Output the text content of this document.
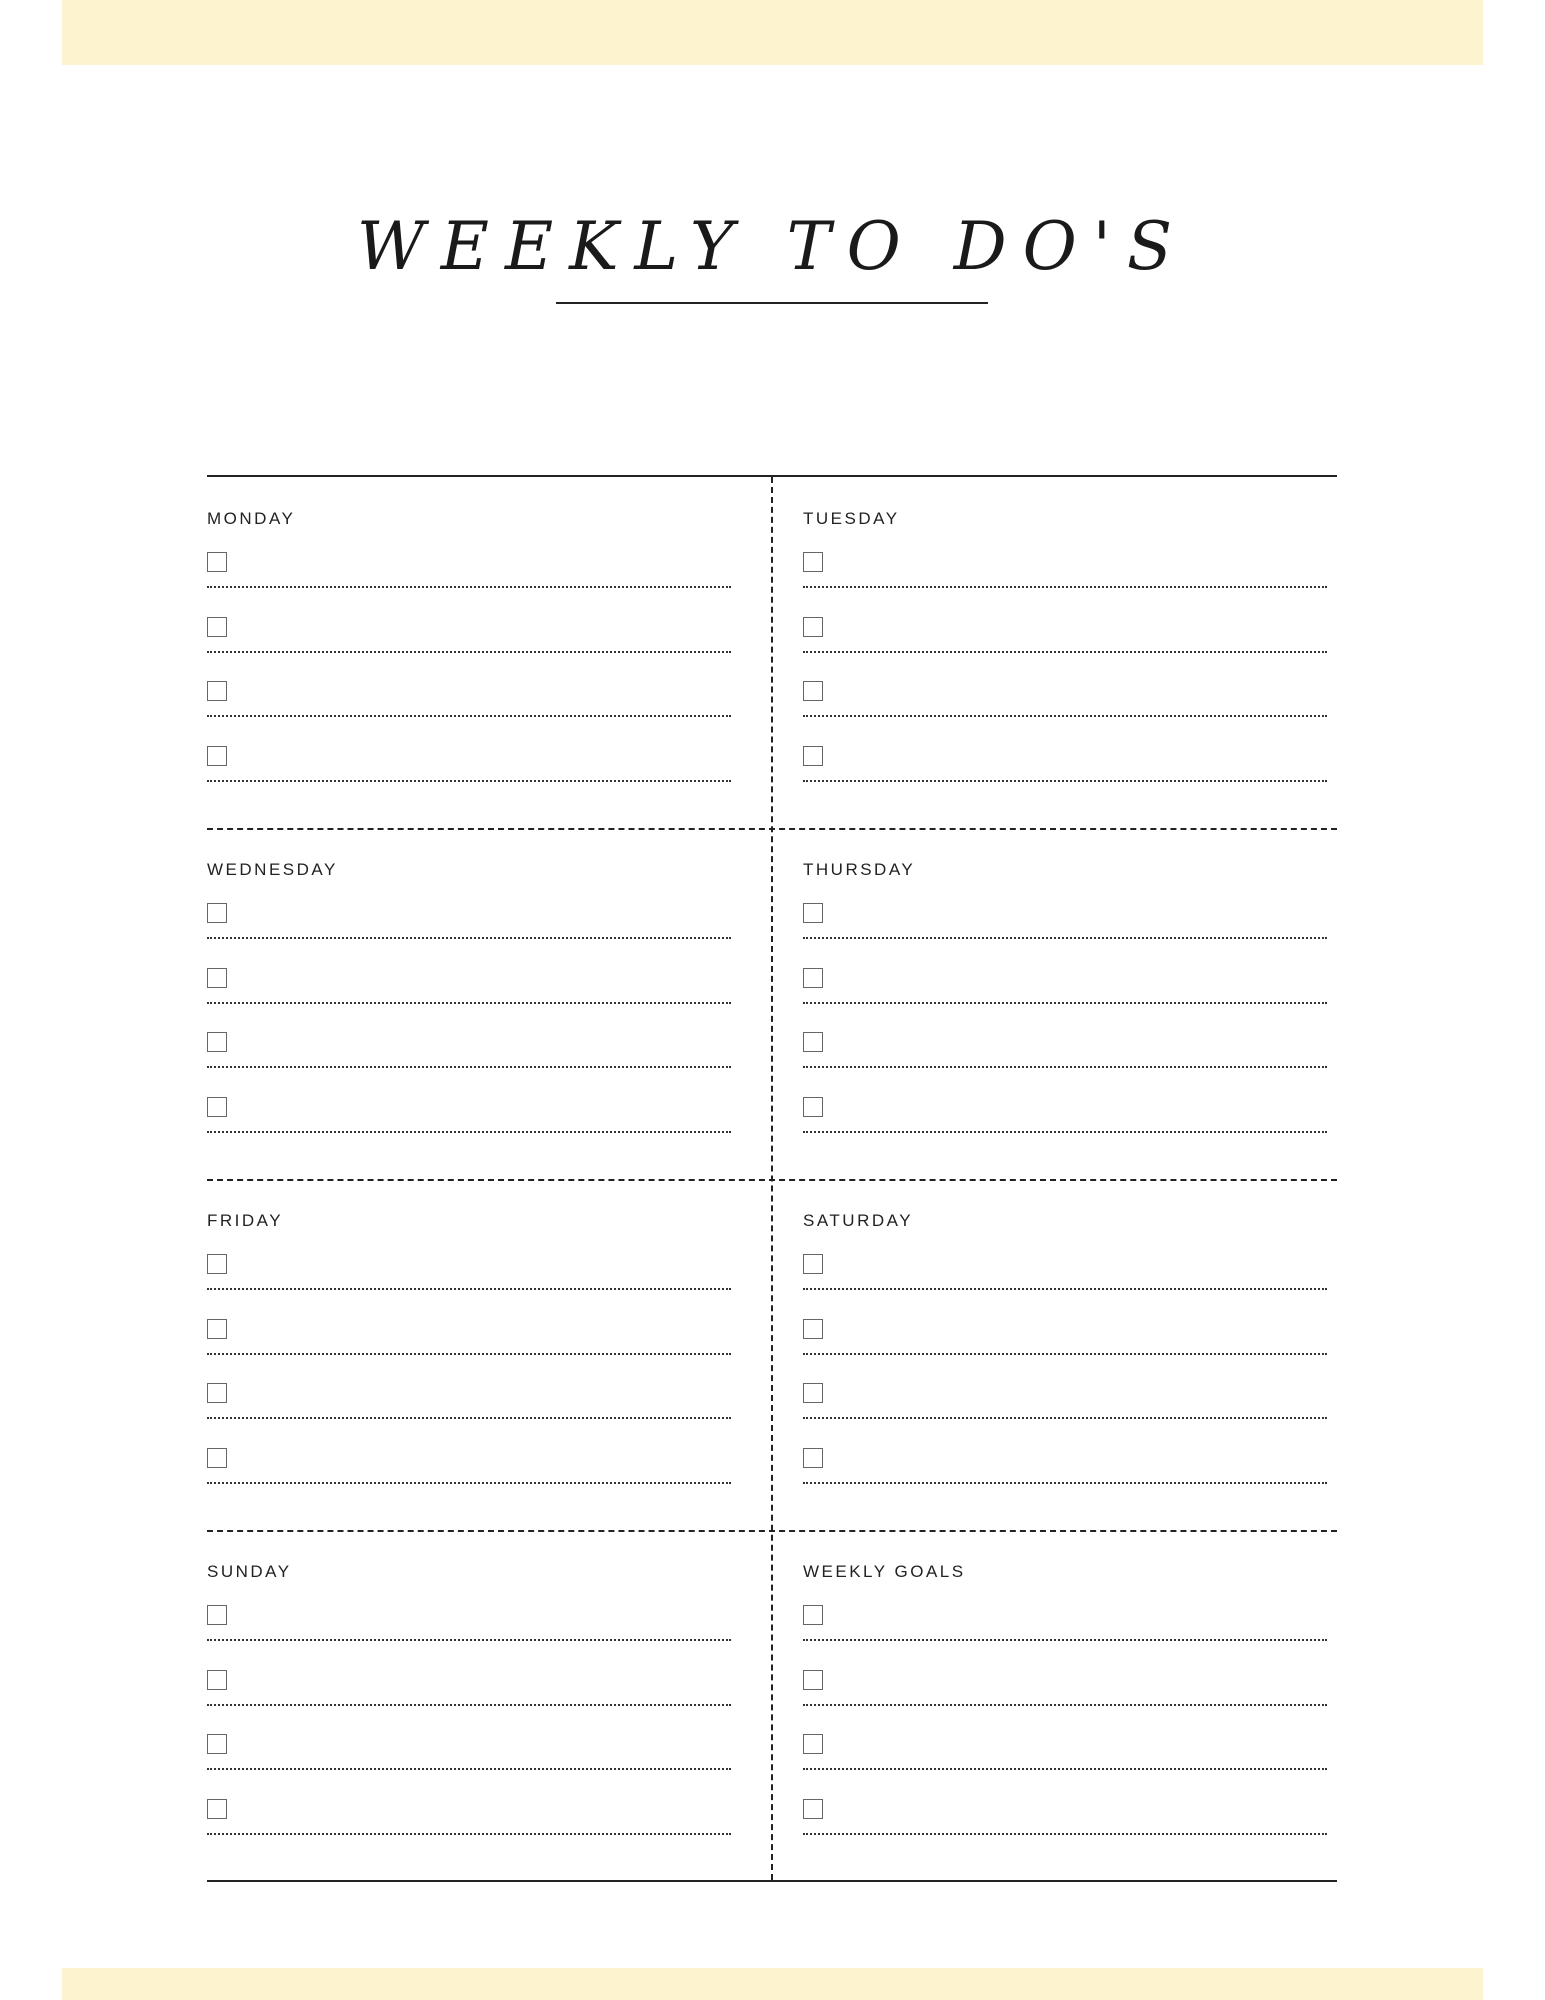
WEEKLY TO DO'S
MONDAY	TUESDAY
WEDNESDAY	THURSDAY
FRIDAY	SATURDAY
SUNDAY	WEEKLY GOALS
